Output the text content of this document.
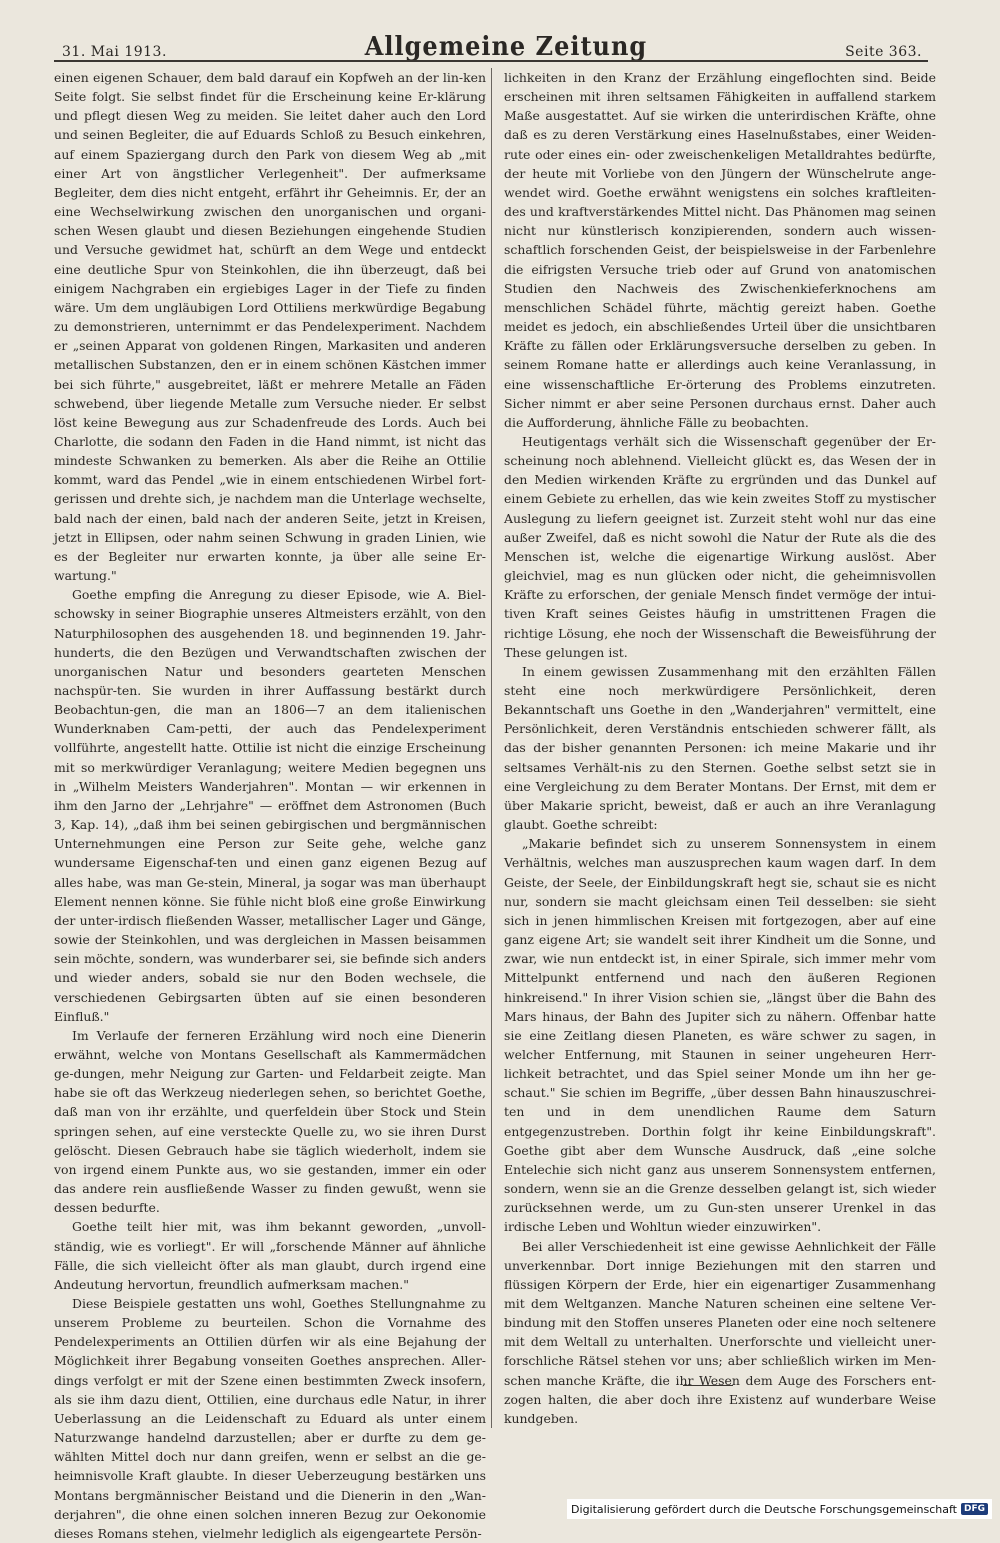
31. Mai 1913.	Allgemeine Zeitung	Seite 363.

einen eigenen Schauer, dem bald darauf ein Kopfweh an der lin-ken Seite folgt. Sie selbst findet für die Erscheinung keine Er-klärung und pflegt diesen Weg zu meiden. Sie leitet daher auch den Lord und seinen Begleiter, die auf Eduards Schloß zu Besuch einkehren, auf einem Spaziergang durch den Park von diesem Weg ab „mit einer Art von ängstlicher Verlegenheit". Der aufmerksame Begleiter, dem dies nicht entgeht, erfährt ihr Geheimnis. Er, der an eine Wechselwirkung zwischen den unorganischen und organi-schen Wesen glaubt und diesen Beziehungen eingehende Studien und Versuche gewidmet hat, schürft an dem Wege und entdeckt eine deutliche Spur von Steinkohlen, die ihn überzeugt, daß bei einigem Nachgraben ein ergiebiges Lager in der Tiefe zu finden wäre. Um dem ungläubigen Lord Ottiliens merkwürdige Begabung zu demonstrieren, unternimmt er das Pendelexperiment. Nachdem er „seinen Apparat von goldenen Ringen, Markasiten und anderen metallischen Substanzen, den er in einem schönen Kästchen immer bei sich führte," ausgebreitet, läßt er mehrere Metalle an Fäden schwebend, über liegende Metalle zum Versuche nieder. Er selbst löst keine Bewegung aus zur Schadenfreude des Lords. Auch bei Charlotte, die sodann den Faden in die Hand nimmt, ist nicht das mindeste Schwanken zu bemerken. Als aber die Reihe an Ottilie kommt, ward das Pendel „wie in einem entschiedenen Wirbel fort-gerissen und drehte sich, je nachdem man die Unterlage wechselte, bald nach der einen, bald nach der anderen Seite, jetzt in Kreisen, jetzt in Ellipsen, oder nahm seinen Schwung in graden Linien, wie es der Begleiter nur erwarten konnte, ja über alle seine Er-wartung."

Goethe empfing die Anregung zu dieser Episode, wie A. Biel-schowsky in seiner Biographie unseres Altmeisters erzählt, von den Naturphilosophen des ausgehenden 18. und beginnenden 19. Jahr-hunderts, die den Bezügen und Verwandtschaften zwischen der unorganischen Natur und besonders gearteten Menschen nachspür-ten. Sie wurden in ihrer Auffassung bestärkt durch Beobachtun-gen, die man an 1806—7 an dem italienischen Wunderknaben Cam-petti, der auch das Pendelexperiment vollführte, angestellt hatte. Ottilie ist nicht die einzige Erscheinung mit so merkwürdiger Veranlagung; weitere Medien begegnen uns in „Wilhelm Meisters Wanderjahren". Montan — wir erkennen in ihm den Jarno der „Lehrjahre" — eröffnet dem Astronomen (Buch 3, Kap. 14), „daß ihm bei seinen gebirgischen und bergmännischen Unternehmungen eine Person zur Seite gehe, welche ganz wundersame Eigenschaf-ten und einen ganz eigenen Bezug auf alles habe, was man Ge-stein, Mineral, ja sogar was man überhaupt Element nennen könne. Sie fühle nicht bloß eine große Einwirkung der unter-irdisch fließenden Wasser, metallischer Lager und Gänge, sowie der Steinkohlen, und was dergleichen in Massen beisammen sein möchte, sondern, was wunderbarer sei, sie befinde sich anders und wieder anders, sobald sie nur den Boden wechsele, die verschiedenen Gebirgsarten übten auf sie einen besonderen Einfluß."

Im Verlaufe der ferneren Erzählung wird noch eine Dienerin erwähnt, welche von Montans Gesellschaft als Kammermädchen ge-dungen, mehr Neigung zur Garten- und Feldarbeit zeigte. Man habe sie oft das Werkzeug niederlegen sehen, so berichtet Goethe, daß man von ihr erzählte, und querfeldein über Stock und Stein springen sehen, auf eine versteckte Quelle zu, wo sie ihren Durst gelöscht. Diesen Gebrauch habe sie täglich wiederholt, indem sie von irgend einem Punkte aus, wo sie gestanden, immer ein oder das andere rein ausfließende Wasser zu finden gewußt, wenn sie dessen bedurfte.

Goethe teilt hier mit, was ihm bekannt geworden, „unvoll-ständig, wie es vorliegt". Er will „forschende Männer auf ähnliche Fälle, die sich vielleicht öfter als man glaubt, durch irgend eine Andeutung hervortun, freundlich aufmerksam machen."

Diese Beispiele gestatten uns wohl, Goethes Stellungnahme zu unserem Probleme zu beurteilen. Schon die Vornahme des Pendelexperiments an Ottilien dürfen wir als eine Bejahung der Möglichkeit ihrer Begabung vonseiten Goethes ansprechen. Aller-dings verfolgt er mit der Szene einen bestimmten Zweck insofern, als sie ihm dazu dient, Ottilien, eine durchaus edle Natur, in ihrer Ueberlassung an die Leidenschaft zu Eduard als unter einem Naturzwange handelnd darzustellen; aber er durfte zu dem ge-wählten Mittel doch nur dann greifen, wenn er selbst an die ge-heimnisvolle Kraft glaubte. In dieser Ueberzeugung bestärken uns Montans bergmännischer Beistand und die Dienerin in den „Wan-derjahren", die ohne einen solchen inneren Bezug zur Oekonomie dieses Romans stehen, vielmehr lediglich als eigengeartete Persön-

lichkeiten in den Kranz der Erzählung eingeflochten sind. Beide erscheinen mit ihren seltsamen Fähigkeiten in auffallend starkem Maße ausgestattet. Auf sie wirken die unterirdischen Kräfte, ohne daß es zu deren Verstärkung eines Haselnußstabes, einer Weiden-rute oder eines ein- oder zweischenkeligen Metalldrahtes bedürfte, der heute mit Vorliebe von den Jüngern der Wünschelrute ange-wendet wird. Goethe erwähnt wenigstens ein solches kraftleiten-des und kraftverstärkendes Mittel nicht. Das Phänomen mag seinen nicht nur künstlerisch konzipierenden, sondern auch wissen-schaftlich forschenden Geist, der beispielsweise in der Farbenlehre die eifrigsten Versuche trieb oder auf Grund von anatomischen Studien den Nachweis des Zwischenkieferknochens am menschlichen Schädel führte, mächtig gereizt haben. Goethe meidet es jedoch, ein abschließendes Urteil über die unsichtbaren Kräfte zu fällen oder Erklärungsversuche derselben zu geben. In seinem Romane hatte er allerdings auch keine Veranlassung, in eine wissenschaftliche Er-örterung des Problems einzutreten. Sicher nimmt er aber seine Personen durchaus ernst. Daher auch die Aufforderung, ähnliche Fälle zu beobachten.

Heutigentags verhält sich die Wissenschaft gegenüber der Er-scheinung noch ablehnend. Vielleicht glückt es, das Wesen der in den Medien wirkenden Kräfte zu ergründen und das Dunkel auf einem Gebiete zu erhellen, das wie kein zweites Stoff zu mystischer Auslegung zu liefern geeignet ist. Zurzeit steht wohl nur das eine außer Zweifel, daß es nicht sowohl die Natur der Rute als die des Menschen ist, welche die eigenartige Wirkung auslöst. Aber gleichviel, mag es nun glücken oder nicht, die geheimnisvollen Kräfte zu erforschen, der geniale Mensch findet vermöge der intui-tiven Kraft seines Geistes häufig in umstrittenen Fragen die richtige Lösung, ehe noch der Wissenschaft die Beweisführung der These gelungen ist.

In einem gewissen Zusammenhang mit den erzählten Fällen steht eine noch merkwürdigere Persönlichkeit, deren Bekanntschaft uns Goethe in den „Wanderjahren" vermittelt, eine Persönlichkeit, deren Verständnis entschieden schwerer fällt, als das der bisher genannten Personen: ich meine Makarie und ihr seltsames Verhält-nis zu den Sternen. Goethe selbst setzt sie in eine Vergleichung zu dem Berater Montans. Der Ernst, mit dem er über Makarie spricht, beweist, daß er auch an ihre Veranlagung glaubt. Goethe schreibt:

„Makarie befindet sich zu unserem Sonnensystem in einem Verhältnis, welches man auszusprechen kaum wagen darf. In dem Geiste, der Seele, der Einbildungskraft hegt sie, schaut sie es nicht nur, sondern sie macht gleichsam einen Teil desselben: sie sieht sich in jenen himmlischen Kreisen mit fortgezogen, aber auf eine ganz eigene Art; sie wandelt seit ihrer Kindheit um die Sonne, und zwar, wie nun entdeckt ist, in einer Spirale, sich immer mehr vom Mittelpunkt entfernend und nach den äußeren Regionen hinkreisend." In ihrer Vision schien sie, „längst über die Bahn des Mars hinaus, der Bahn des Jupiter sich zu nähern. Offenbar hatte sie eine Zeitlang diesen Planeten, es wäre schwer zu sagen, in welcher Entfernung, mit Staunen in seiner ungeheuren Herr-lichkeit betrachtet, und das Spiel seiner Monde um ihn her ge-schaut." Sie schien im Begriffe, „über dessen Bahn hinauszuschrei-ten und in dem unendlichen Raume dem Saturn entgegenzustreben. Dorthin folgt ihr keine Einbildungskraft". Goethe gibt aber dem Wunsche Ausdruck, daß „eine solche Entelechie sich nicht ganz aus unserem Sonnensystem entfernen, sondern, wenn sie an die Grenze desselben gelangt ist, sich wieder zurücksehnen werde, um zu Gun-sten unserer Urenkel in das irdische Leben und Wohltun wieder einzuwirken".

Bei aller Verschiedenheit ist eine gewisse Aehnlichkeit der Fälle unverkennbar. Dort innige Beziehungen mit den starren und flüssigen Körpern der Erde, hier ein eigenartiger Zusammenhang mit dem Weltganzen. Manche Naturen scheinen eine seltene Ver-bindung mit den Stoffen unseres Planeten oder eine noch seltenere mit dem Weltall zu unterhalten. Unerforschte und vielleicht uner-forschliche Rätsel stehen vor uns; aber schließlich wirken im Men-schen manche Kräfte, die ihr Wesen dem Auge des Forschers ent-zogen halten, die aber doch ihre Existenz auf wunderbare Weise kundgeben.

Digitalisierung gefördert durch die Deutsche Forschungsgemeinschaft DFG
